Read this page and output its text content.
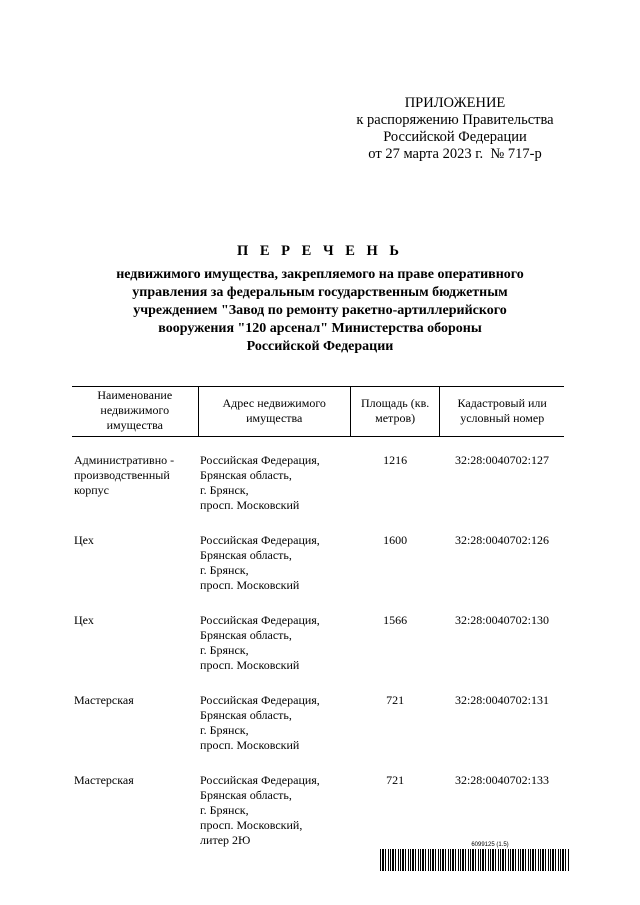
ПРИЛОЖЕНИЕ
к распоряжению Правительства
Российской Федерации
от 27 марта 2023 г.  № 717-р
П Е Р Е Ч Е Н Ь
недвижимого имущества, закрепляемого на праве оперативного
управления за федеральным государственным бюджетным
учреждением "Завод по ремонту ракетно-артиллерийского
вооружения "120 арсенал" Министерства обороны
Российской Федерации
Наименование недвижимого имущества	Адрес недвижимого имущества	Площадь (кв. метров)	Кадастровый или условный номер
Административно - производственный корпус	Российская Федерация,
Брянская область,
г. Брянск,
просп. Московский	1216	32:28:0040702:127
Цех	Российская Федерация,
Брянская область,
г. Брянск,
просп. Московский	1600	32:28:0040702:126
Цех	Российская Федерация,
Брянская область,
г. Брянск,
просп. Московский	1566	32:28:0040702:130
Мастерская	Российская Федерация,
Брянская область,
г. Брянск,
просп. Московский	721	32:28:0040702:131
Мастерская	Российская Федерация,
Брянская область,
г. Брянск,
просп. Московский,
литер 2Ю	721	32:28:0040702:133
6099125 (1.5)
